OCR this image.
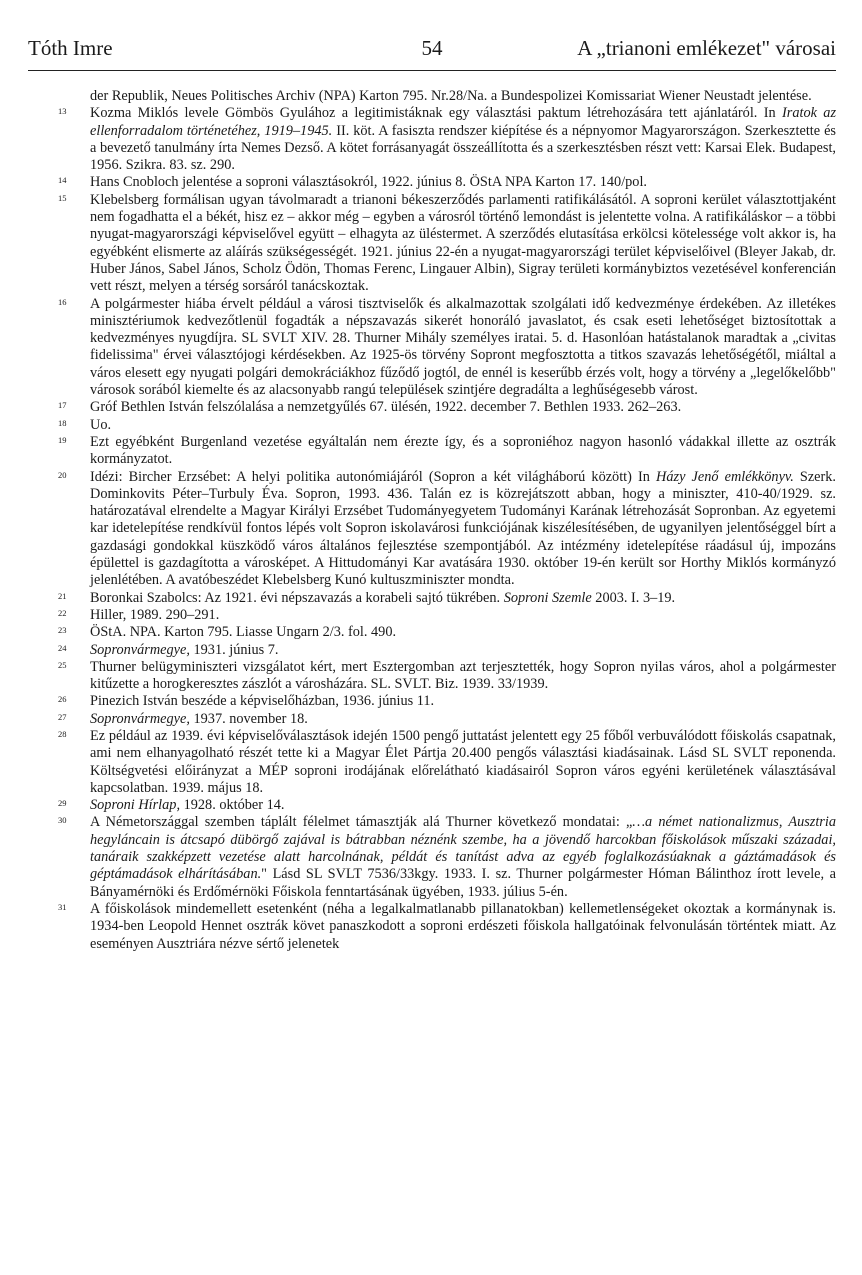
Tóth Imre	54	A „trianoni emlékezet" városai
der Republik, Neues Politisches Archiv (NPA) Karton 795. Nr.28/Na. a Bundespolizei Komissariat Wiener Neustadt jelentése.
13 Kozma Miklós levele Gömbös Gyulához a legitimistáknak egy választási paktum létrehozására tett ajánlatáról. In Iratok az ellenforradalom történetéhez, 1919–1945. II. köt. A fasiszta rendszer kiépítése és a népnyomor Magyarországon. Szerkesztette és a bevezető tanulmány írta Nemes Dezső. A kötet forrásanyagát összeállította és a szerkesztésben részt vett: Karsai Elek. Budapest, 1956. Szikra. 83. sz. 290.
14 Hans Cnobloch jelentése a soproni választásokról, 1922. június 8. ÖStA NPA Karton 17. 140/pol.
15 Klebelsberg formálisan ugyan távolmaradt a trianoni békeszerződés parlamenti ratifikálásától. A soproni kerület választottjaként nem fogadhatta el a békét, hisz ez – akkor még – egyben a városról történő lemondást is jelentette volna. A ratifikáláskor – a többi nyugat-magyarországi képviselővel együtt – elhagyta az üléstermet. A szerződés elutasítása erkölcsi kötelessége volt akkor is, ha egyébként elismerte az aláírás szükségességét. 1921. június 22-én a nyugat-magyarországi terület képviselőivel (Bleyer Jakab, dr. Huber János, Sabel János, Scholz Ödön, Thomas Ferenc, Lingauer Albin), Sigray területi kormánybiztos vezetésével konferencián vett részt, melyen a térség sorsáról tanácskoztak.
16 A polgármester hiába érvelt például a városi tisztviselők és alkalmazottak szolgálati idő kedvezménye érdekében. Az illetékes minisztériumok kedvezőtlenül fogadták a népszavazás sikerét honoráló javaslatot, és csak eseti lehetőséget biztosítottak a kedvezményes nyugdíjra. SL SVLT XIV. 28. Thurner Mihály személyes iratai. 5. d. Hasonlóan hatástalanok maradtak a „civitas fidelissima" érvei választójogi kérdésekben. Az 1925-ös törvény Sopront megfosztotta a titkos szavazás lehetőségétől, miáltal a város elesett egy nyugati polgári demokráciákhoz fűződő jogtól, de ennél is keserűbb érzés volt, hogy a törvény a „legelőkelőbb" városok sorából kiemelte és az alacsonyabb rangú települések szintjére degradálta a leghűségesebb várost.
17 Gróf Bethlen István felszólalása a nemzetgyűlés 67. ülésén, 1922. december 7. Bethlen 1933. 262–263.
18 Uo.
19 Ezt egyébként Burgenland vezetése egyáltalán nem érezte így, és a soproniéhoz nagyon hasonló vádakkal illette az osztrák kormányzatot.
20 Idézi: Bircher Erzsébet: A helyi politika autonómiájáról (Sopron a két világháború között) In Házy Jenő emlékkönyv. Szerk. Dominkovits Péter–Turbuly Éva. Sopron, 1993. 436. Talán ez is közrejátszott abban, hogy a miniszter, 410-40/1929. sz. határozatával elrendelte a Magyar Királyi Erzsébet Tudományegyetem Tudományi Karának létrehozását Sopronban. Az egyetemi kar idetelepítése rendkívül fontos lépés volt Sopron iskolavárosi funkciójának kiszélesítésében, de ugyanilyen jelentőséggel bírt a gazdasági gondokkal küszködő város általános fejlesztése szempontjából. Az intézmény idetelepítése ráadásul új, impozáns épülettel is gazdagította a városképet. A Hittudományi Kar avatására 1930. október 19-én került sor Horthy Miklós kormányzó jelenlétében. A avatóbeszédet Klebelsberg Kunó kultuszminiszter mondta.
21 Boronkai Szabolcs: Az 1921. évi népszavazás a korabeli sajtó tükrében. Soproni Szemle 2003. I. 3–19.
22 Hiller, 1989. 290–291.
23 ÖStA. NPA. Karton 795. Liasse Ungarn 2/3. fol. 490.
24 Sopronvármegye, 1931. június 7.
25 Thurner belügyminiszteri vizsgálatot kért, mert Esztergomban azt terjesztették, hogy Sopron nyilas város, ahol a polgármester kitűzette a horogkeresztes zászlót a városházára. SL. SVLT. Biz. 1939. 33/1939.
26 Pinezich István beszéde a képviselőházban, 1936. június 11.
27 Sopronvármegye, 1937. november 18.
28 Ez például az 1939. évi képviselőválasztások idején 1500 pengő juttatást jelentett egy 25 főből verbuválódott főiskolás csapatnak, ami nem elhanyagolható részét tette ki a Magyar Élet Pártja 20.400 pengős választási kiadásainak. Lásd SL SVLT reponenda. Költségvetési előirányzat a MÉP soproni irodájának előrelátható kiadásairól Sopron város egyéni kerületének választásával kapcsolatban. 1939. május 18.
29 Soproni Hírlap, 1928. október 14.
30 A Németországgal szemben táplált félelmet támasztják alá Thurner következő mondatai: „…a német nationalizmus, Ausztria hegyláncain is átcsapó dübörgő zajával is bátrabban néznénk szembe, ha a jövendő harcokban főiskolások műszaki századai, tanáraik szakképzett vezetése alatt harcolnának, példát és tanítást adva az egyéb foglalkozásúaknak a gáztámadások és géptámadások elhárításában." Lásd SL SVLT 7536/33kgy. 1933. I. sz. Thurner polgármester Hóman Bálinthoz írott levele, a Bányamérnöki és Erdőmérnöki Főiskola fenntartásának ügyében, 1933. július 5-én.
31 A főiskolások mindemellett esetenként (néha a legalkalmatlanabb pillanatokban) kellemetlenségeket okoztak a kormánynak is. 1934-ben Leopold Hennet osztrák követ panaszkodott a soproni erdészeti főiskola hallgatóinak felvonulásán történtek miatt. Az eseményen Ausztriára nézve sértő jelenetek
